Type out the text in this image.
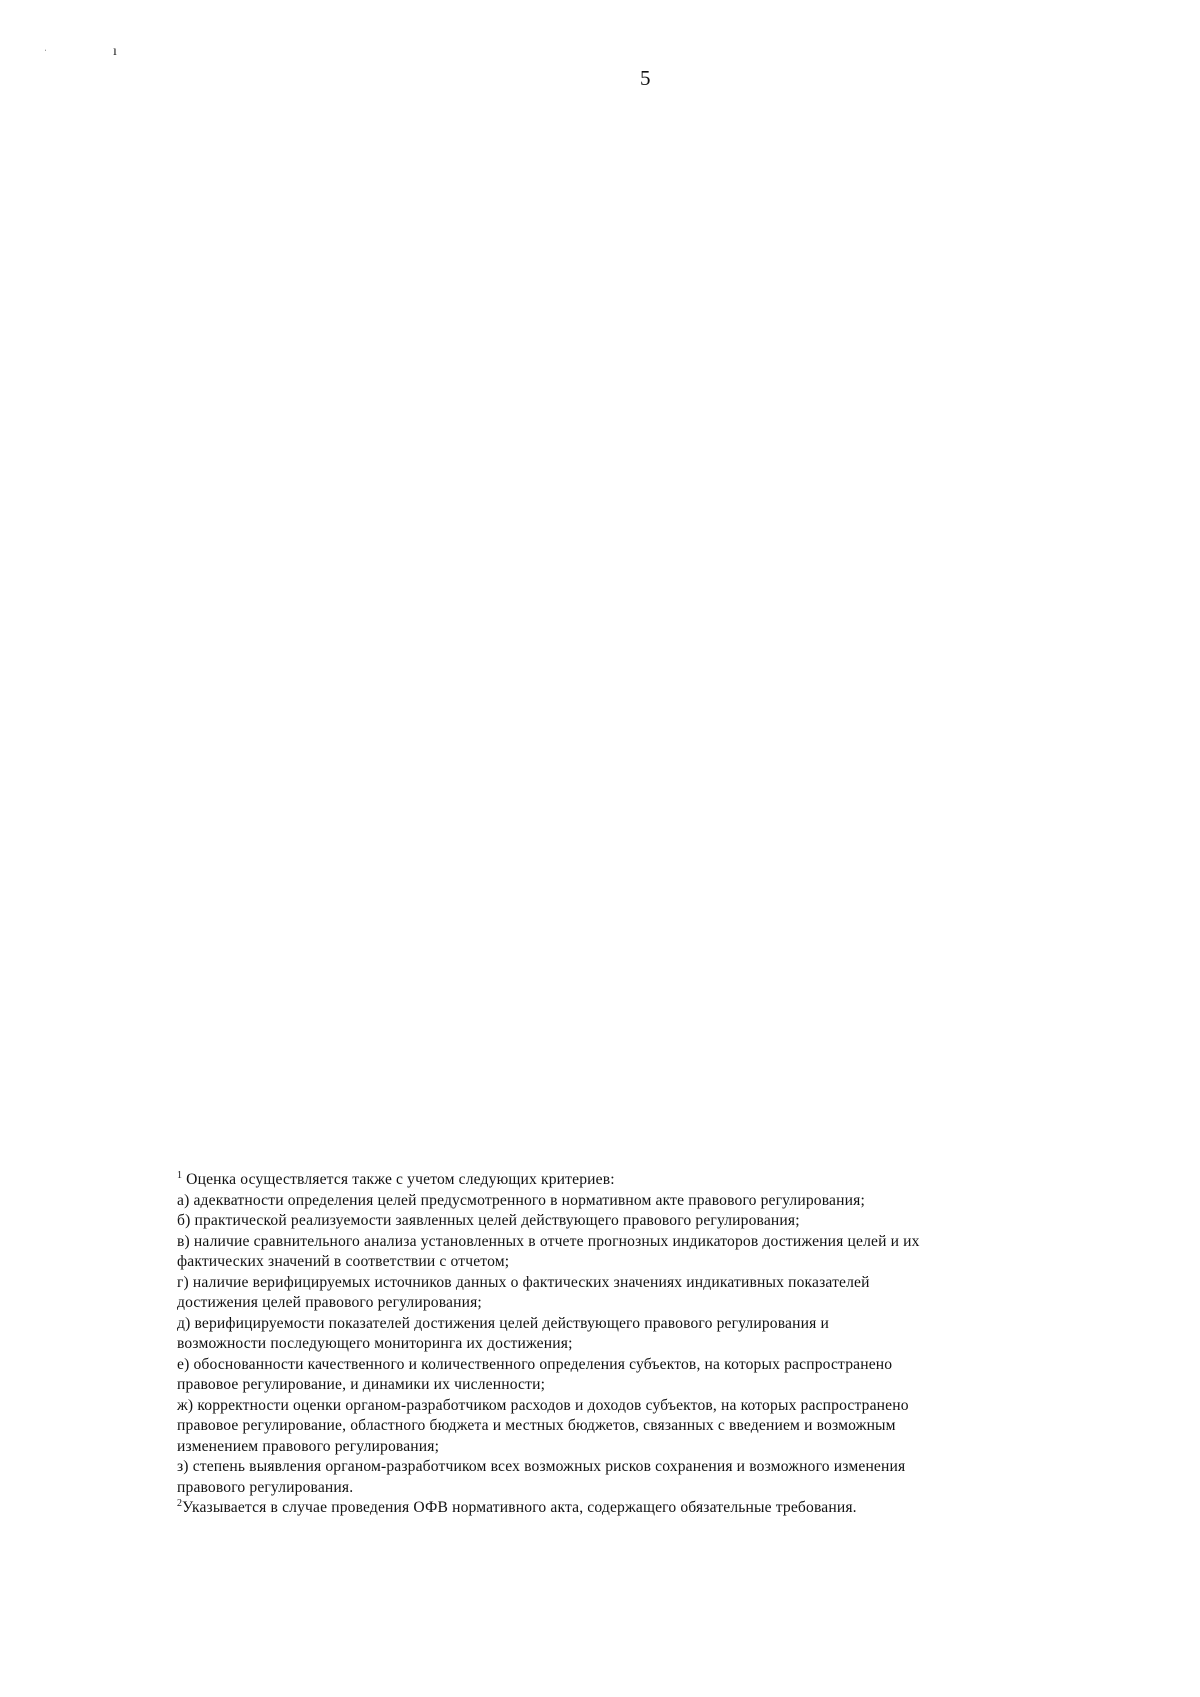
ˌ	ı
5
$^1$ Оценка осуществляется также с учетом следующих критериев:
а) адекватности определения целей предусмотренного в нормативном акте правового регулирования;
б) практической реализуемости заявленных целей действующего правового регулирования;
в) наличие сравнительного анализа установленных в отчете прогнозных индикаторов достижения целей и их
фактических значений в соответствии с отчетом;
г) наличие верифицируемых источников данных о фактических значениях индикативных показателей
достижения целей правового регулирования;
д) верифицируемости показателей достижения целей действующего правового регулирования и
возможности последующего мониторинга их достижения;
е) обоснованности качественного и количественного определения субъектов, на которых распространено
правовое регулирование, и динамики их численности;
ж) корректности оценки органом-разработчиком расходов и доходов субъектов, на которых распространено
правовое регулирование, областного бюджета и местных бюджетов, связанных с введением и возможным
изменением правового регулирования;
з) степень выявления органом-разработчиком всех возможных рисков сохранения и возможного изменения
правового регулирования.
$^2$Указывается в случае проведения ОФВ нормативного акта, содержащего обязательные требования.
